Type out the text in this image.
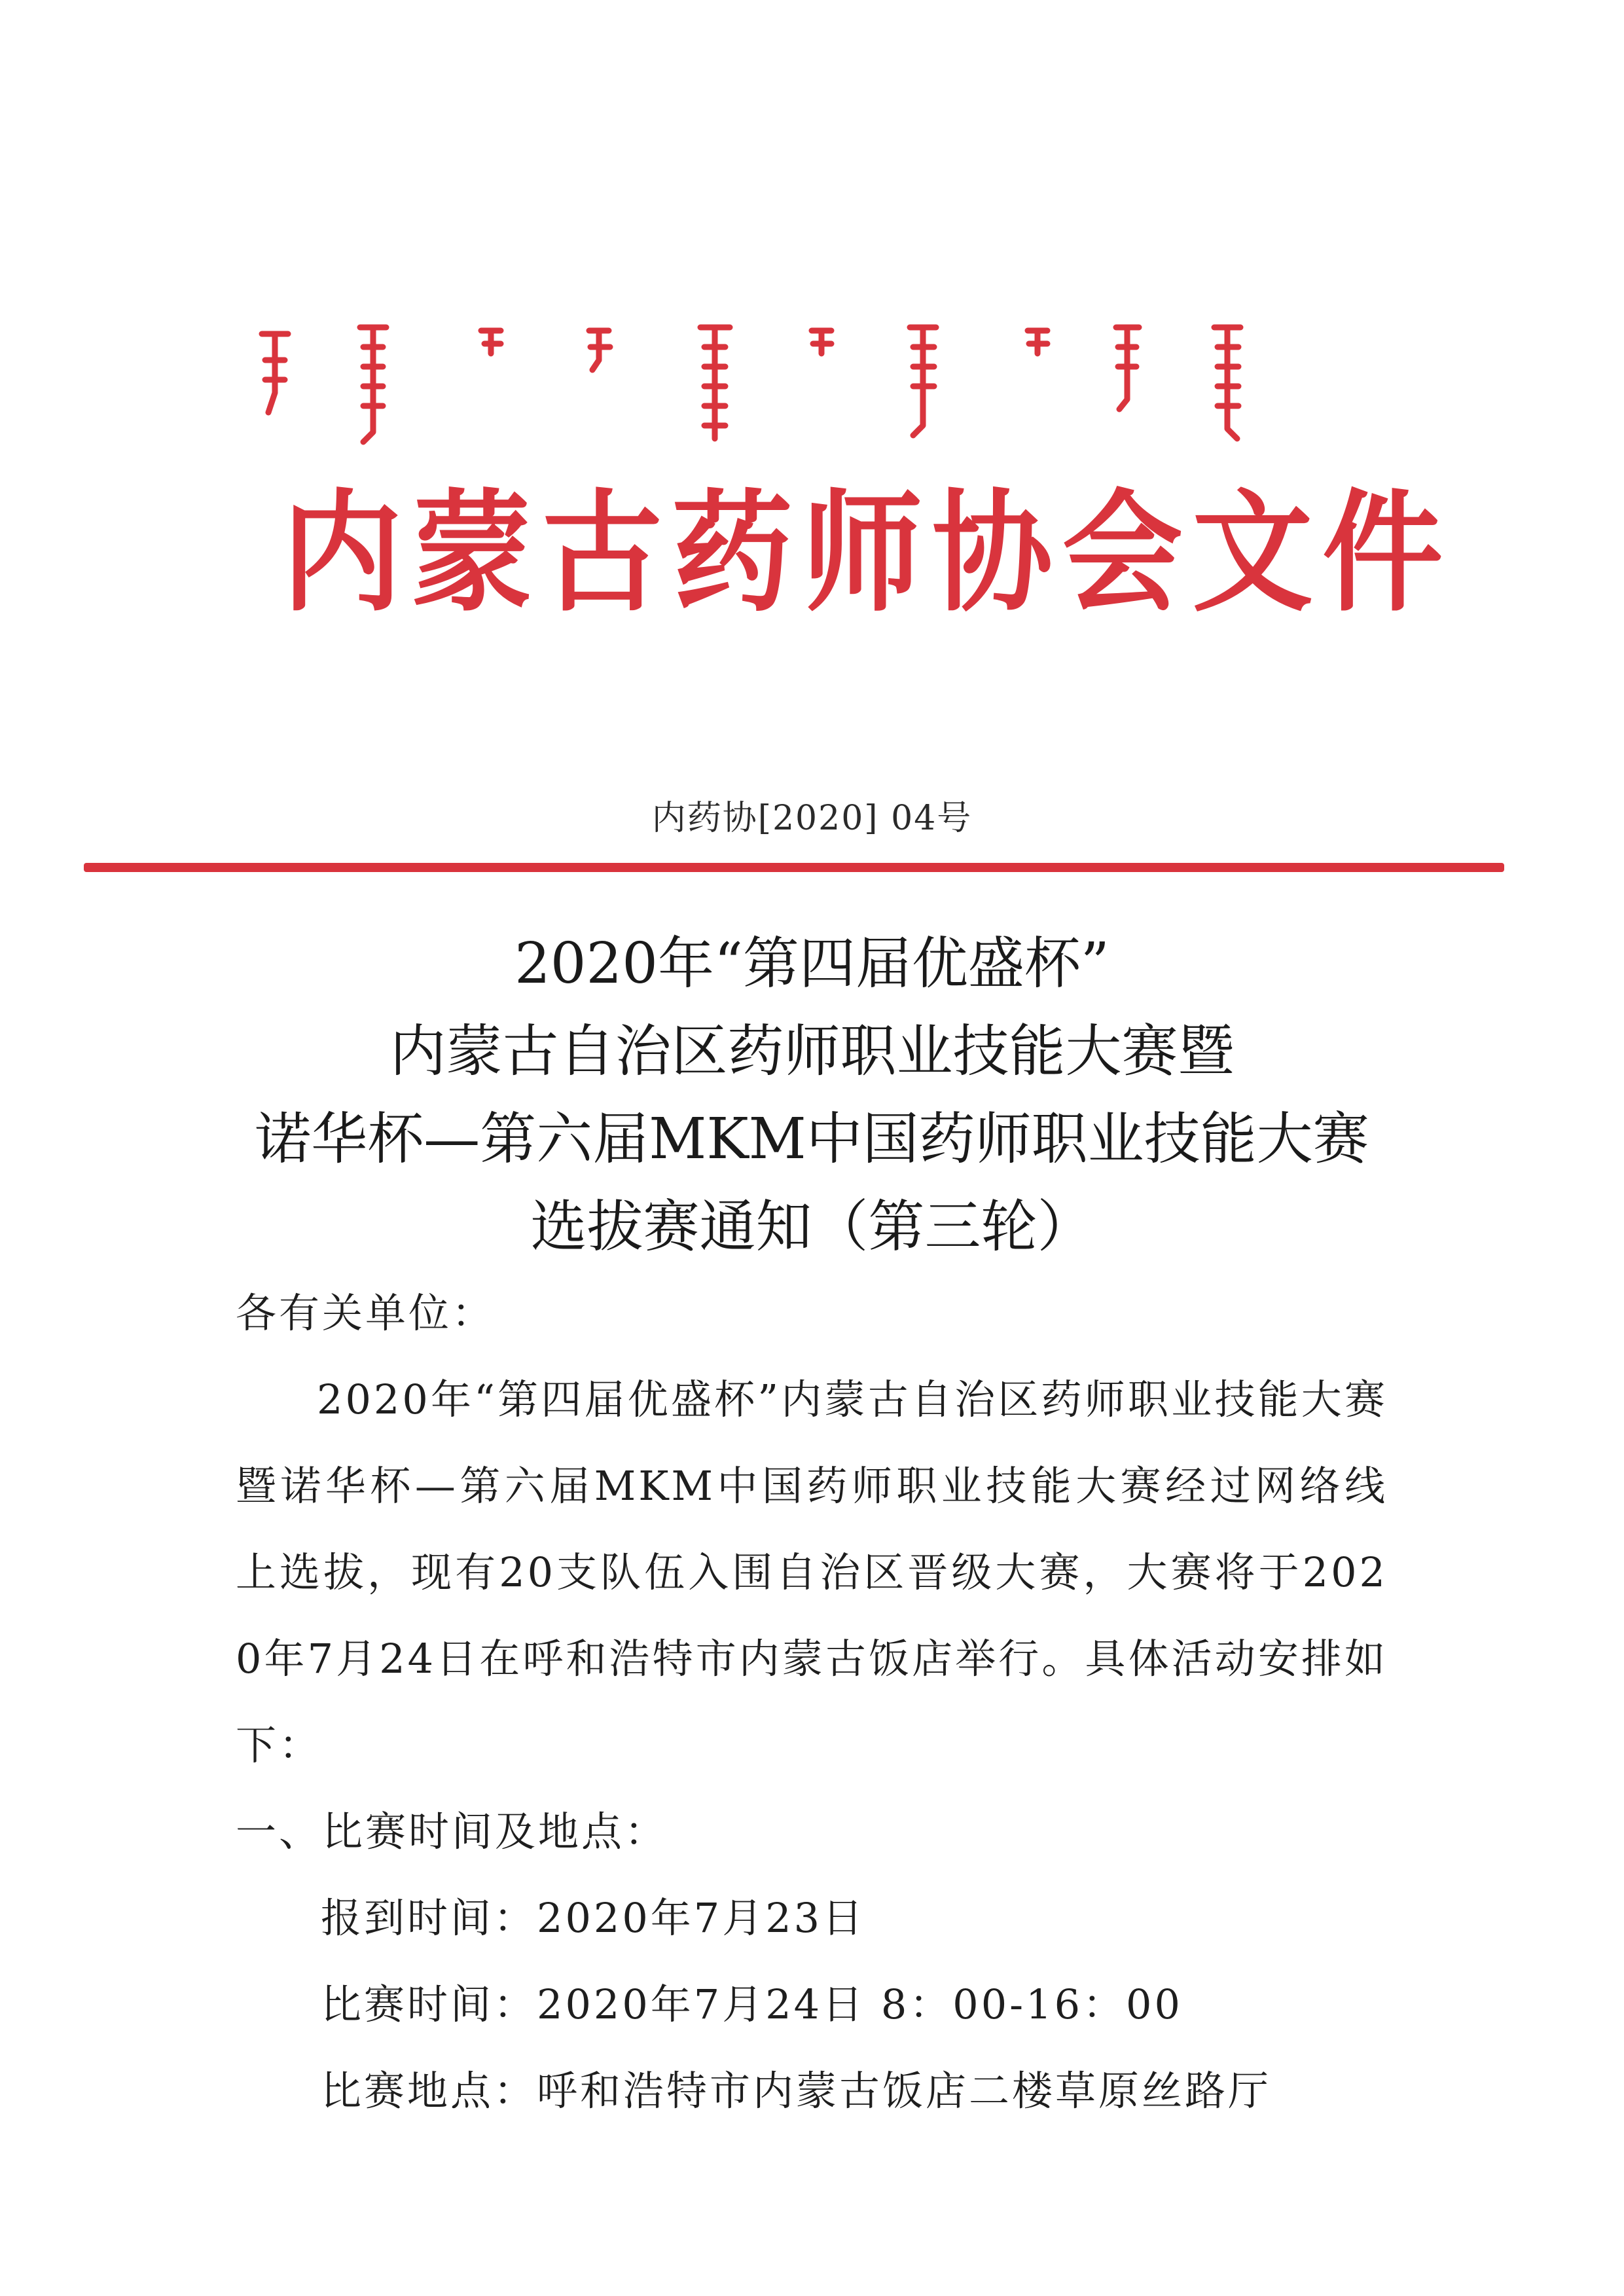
内蒙古药师协会文件
内药协[2020] 04号
2020年“第四届优盛杯”
内蒙古自治区药师职业技能大赛暨
诺华杯—第六届MKM中国药师职业技能大赛
选拔赛通知（第三轮）
各有关单位：
2020年“第四届优盛杯”内蒙古自治区药师职业技能大赛暨诺华杯—第六届MKM中国药师职业技能大赛经过网络线上选拔，现有20支队伍入围自治区晋级大赛，大赛将于2020年7月24日在呼和浩特市内蒙古饭店举行。具体活动安排如下：
一、比赛时间及地点：
报到时间：2020年7月23日
比赛时间：2020年7月24日 8：00-16：00
比赛地点：呼和浩特市内蒙古饭店二楼草原丝路厅
